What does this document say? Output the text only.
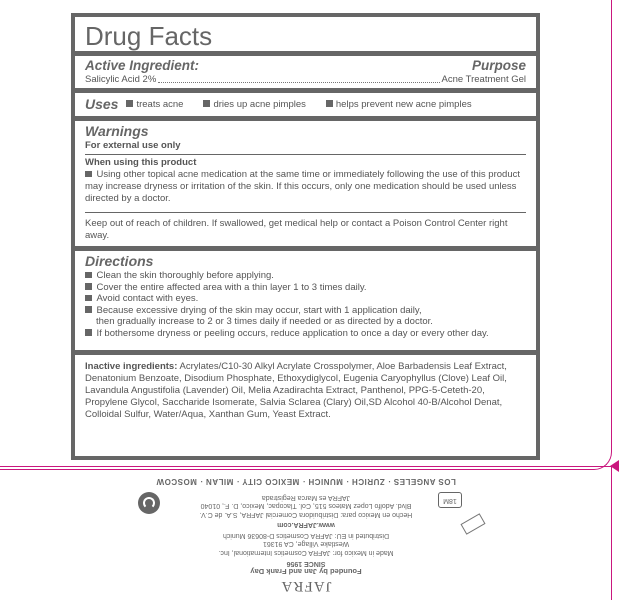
Drug Facts
Active Ingredient:	Purpose
Salicylic Acid 2%	Acne Treatment Gel
Uses	treats acne	dries up acne pimples	helps prevent new acne pimples
Warnings
For external use only
When using this product
Using other topical acne medication at the same time or immediately following the use of this product may increase dryness or irritation of the skin. If this occurs, only one medication should be used unless directed by a doctor.
Keep out of reach of children. If swallowed, get medical help or contact a Poison Control Center right away.
Directions
Clean the skin thoroughly before applying.
Cover the entire affected area with a thin layer 1 to 3 times daily.
Avoid contact with eyes.
Because excessive drying of the skin may occur, start with 1 application daily,
then gradually increase to 2 or 3 times daily if needed or as directed by a doctor.
If bothersome dryness or peeling occurs, reduce application to once a day or every other day.
Inactive ingredients: Acrylates/C10-30 Alkyl Acrylate Crosspolymer, Aloe Barbadensis Leaf Extract, Denatonium Benzoate, Disodium Phosphate, Ethoxydiglycol, Eugenia Caryophyllus (Clove) Leaf Oil, Lavandula Angustifolia (Lavender) Oil, Melia Azadirachta Extract, Panthenol, PPG-5-Ceteth-20, Propylene Glycol, Saccharide Isomerate, Salvia Sclarea (Clary) Oil,SD Alcohol 40-B/Alcohol Denat, Colloidal Sulfur, Water/Aqua, Xanthan Gum, Yeast Extract.
JAFRA
Founded by Jan and Frank Day
SINCE 1956
Made in Mexico for: JAFRA Cosmetics International, Inc.
Westlake Village, CA 91361
Distributed in EU: JAFRA Cosmetics D-80636 Munich
www.JAFRA.com
Hecho en Mexico para: Distribuidora Comercial JAFRA, S.A. de C.V.
Blvd. Adolfo Lopez Mateos 515, Col. Tlacopac, Mexico, D. F., 01040
JAFRA es Marca Registrada
LOS ANGELES · ZURICH · MUNICH · MEXICO CITY · MILAN · MOSCOW
18M
